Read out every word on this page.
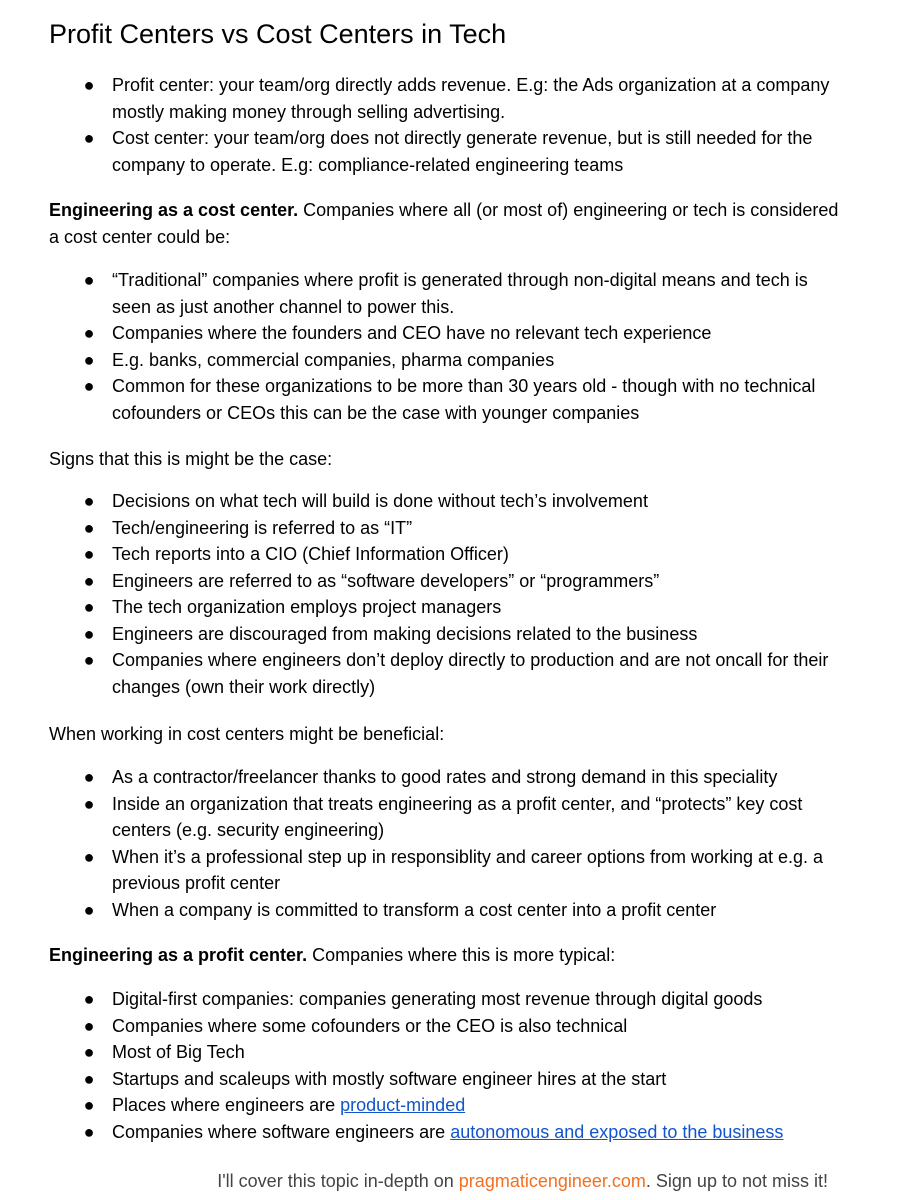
Profit Centers vs Cost Centers in Tech
● Profit center: your team/org directly adds revenue. E.g: the Ads organization at a company mostly making money through selling advertising.
● Cost center: your team/org does not directly generate revenue, but is still needed for the company to operate. E.g: compliance-related engineering teams

Engineering as a cost center. Companies where all (or most of) engineering or tech is considered a cost center could be:

● “Traditional” companies where profit is generated through non-digital means and tech is seen as just another channel to power this.
● Companies where the founders and CEO have no relevant tech experience
● E.g. banks, commercial companies, pharma companies
● Common for these organizations to be more than 30 years old - though with no technical cofounders or CEOs this can be the case with younger companies

Signs that this is might be the case:

● Decisions on what tech will build is done without tech’s involvement
● Tech/engineering is referred to as “IT”
● Tech reports into a CIO (Chief Information Officer)
● Engineers are referred to as “software developers” or “programmers”
● The tech organization employs project managers
● Engineers are discouraged from making decisions related to the business
● Companies where engineers don’t deploy directly to production and are not oncall for their changes (own their work directly)

When working in cost centers might be beneficial:

● As a contractor/freelancer thanks to good rates and strong demand in this speciality
● Inside an organization that treats engineering as a profit center, and “protects” key cost centers (e.g. security engineering)
● When it’s a professional step up in responsiblity and career options from working at e.g. a previous profit center
● When a company is committed to transform a cost center into a profit center

Engineering as a profit center. Companies where this is more typical:

● Digital-first companies: companies generating most revenue through digital goods
● Companies where some cofounders or the CEO is also technical
● Most of Big Tech
● Startups and scaleups with mostly software engineer hires at the start
● Places where engineers are product-minded
● Companies where software engineers are autonomous and exposed to the business
I'll cover this topic in-depth on pragmaticengineer.com. Sign up to not miss it!
